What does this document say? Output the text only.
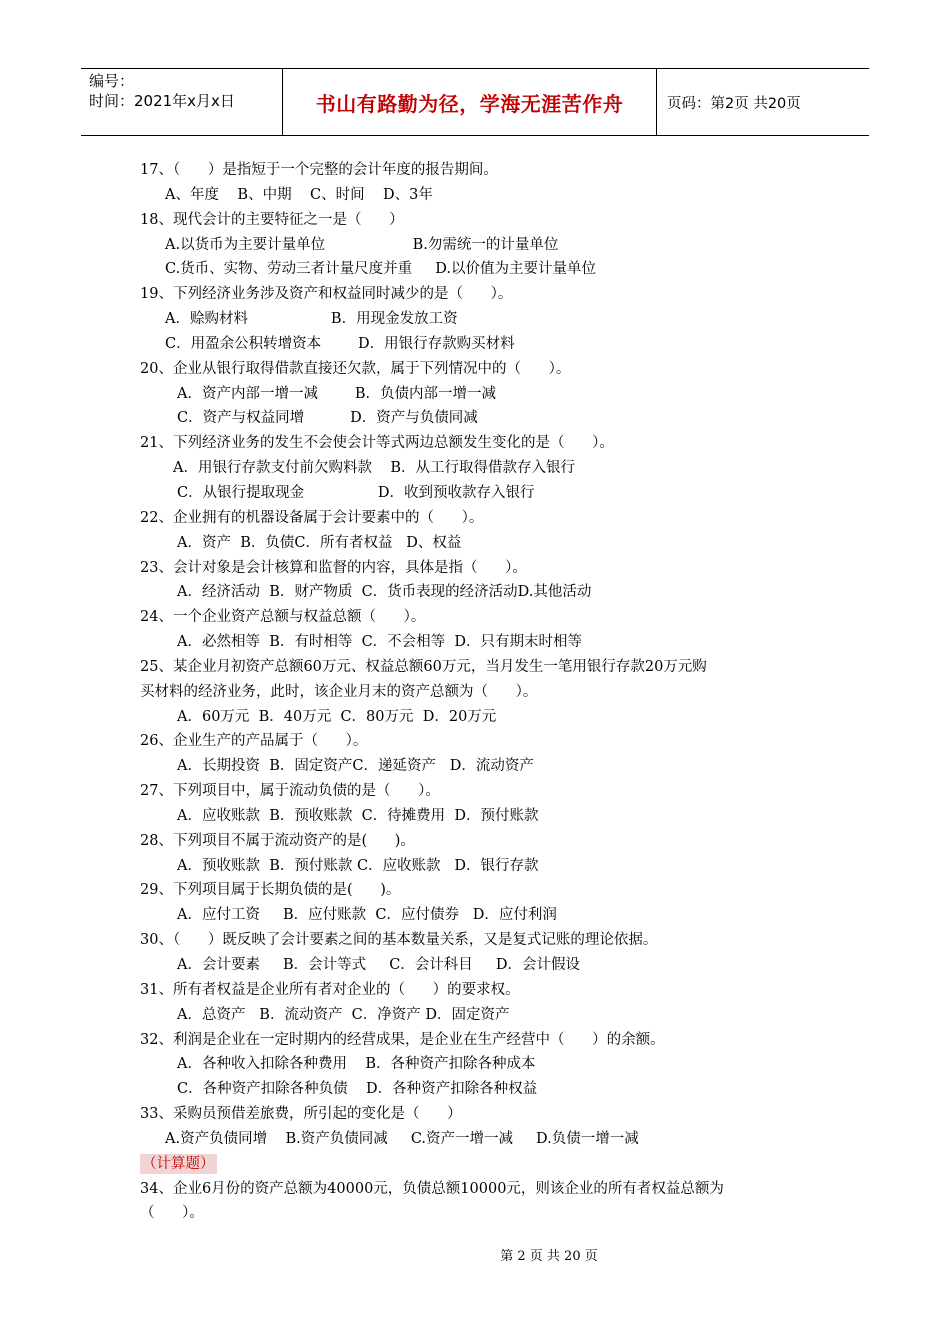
编号：
时间：2021年x月x日	书山有路勤为径，学海无涯苦作舟	页码：第2页 共20页
17、（      ）是指短于一个完整的会计年度的报告期间。
A、年度    B、中期    C、时间    D、3年
18、现代会计的主要特征之一是（      ）
A.以货币为主要计量单位                   B.勿需统一的计量单位
C.货币、实物、劳动三者计量尺度并重     D.以价值为主要计量单位
19、下列经济业务涉及资产和权益同时减少的是（      ）。
A．赊购材料                  B．用现金发放工资
C．用盈余公积转增资本        D．用银行存款购买材料
20、企业从银行取得借款直接还欠款，属于下列情况中的（      ）。
A．资产内部一增一减        B．负债内部一增一减
C．资产与权益同增          D．资产与负债同减
21、下列经济业务的发生不会使会计等式两边总额发生变化的是（      ）。
A．用银行存款支付前欠购料款    B．从工行取得借款存入银行
C．从银行提取现金                D．收到预收款存入银行
22、企业拥有的机器设备属于会计要素中的（      ）。
A．资产  B．负债C．所有者权益   D、权益
23、会计对象是会计核算和监督的内容，具体是指（      ）。
A．经济活动  B．财产物质  C．货币表现的经济活动D.其他活动
24、一个企业资产总额与权益总额（      ）。
A．必然相等  B．有时相等  C．不会相等  D．只有期末时相等
25、某企业月初资产总额60万元、权益总额60万元，当月发生一笔用银行存款20万元购
买材料的经济业务，此时，该企业月末的资产总额为（      ）。
A．60万元  B．40万元  C．80万元  D．20万元
26、企业生产的产品属于（      ）。
A．长期投资  B．固定资产C．递延资产   D．流动资产
27、下列项目中，属于流动负债的是（      ）。
A．应收账款  B．预收账款  C．待摊费用  D．预付账款
28、下列项目不属于流动资产的是(      )。
A．预收账款  B．预付账款 C．应收账款   D．银行存款
29、下列项目属于长期负债的是(      )。
A．应付工资     B．应付账款  C．应付债券   D．应付利润
30、（      ）既反映了会计要素之间的基本数量关系，又是复式记账的理论依据。
A．会计要素     B．会计等式     C．会计科目     D．会计假设
31、所有者权益是企业所有者对企业的（      ）的要求权。
A．总资产   B．流动资产  C．净资产 D．固定资产
32、利润是企业在一定时期内的经营成果，是企业在生产经营中（      ）的余额。
A．各种收入扣除各种费用    B．各种资产扣除各种成本
C．各种资产扣除各种负债    D．各种资产扣除各种权益
33、采购员预借差旅费，所引起的变化是（      ）
A.资产负债同增    B.资产负债同减     C.资产一增一减     D.负债一增一减
（计算题）
34、企业6月份的资产总额为40000元，负债总额10000元，则该企业的所有者权益总额为
（      ）。
第 2 页 共 20 页
